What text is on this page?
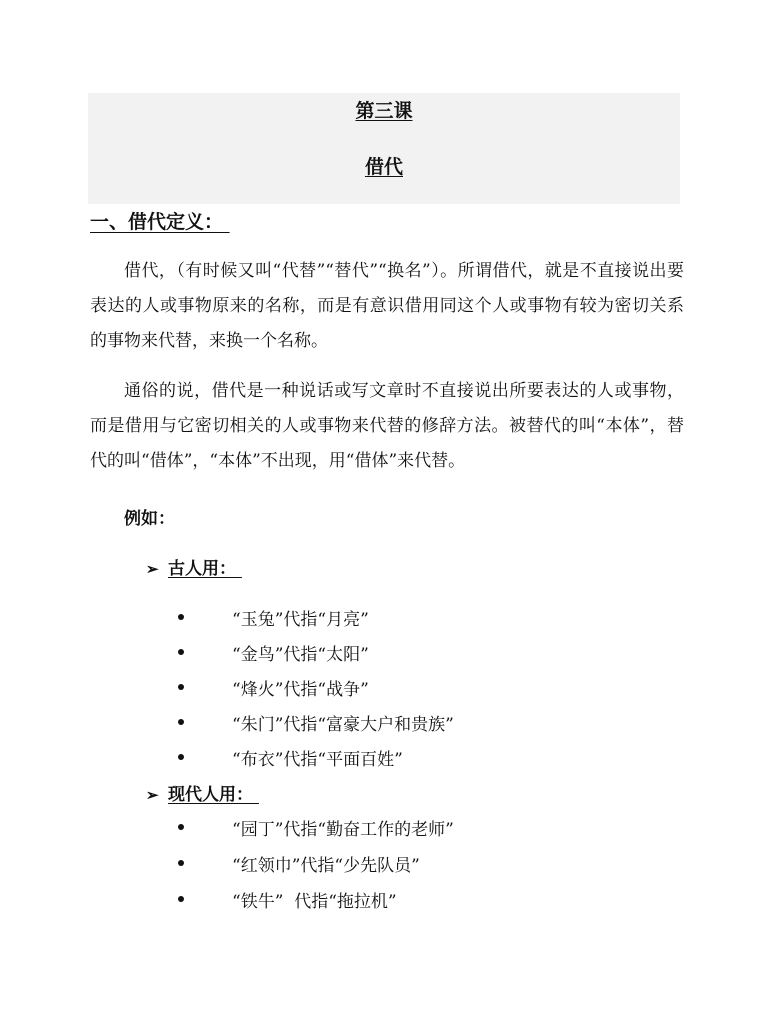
第三课
借代
一、借代定义：

借代，（有时候又叫“代替”“替代”“换名”）。所谓借代，就是不直接说出要表达的人或事物原来的名称，而是有意识借用同这个人或事物有较为密切关系的事物来代替，来换一个名称。

通俗的说，借代是一种说话或写文章时不直接说出所要表达的人或事物，而是借用与它密切相关的人或事物来代替的修辞方法。被替代的叫“本体”，替代的叫“借体”，“本体”不出现，用“借体”来代替。

例如：
➢ 古人用：
“玉兔”代指“月亮”
“金鸟”代指“太阳”
“烽火”代指“战争”
“朱门”代指“富豪大户和贵族”
“布衣”代指“平面百姓”
➢ 现代人用：
“园丁”代指“勤奋工作的老师”
“红领巾”代指“少先队员”
“铁牛”  代指“拖拉机”
